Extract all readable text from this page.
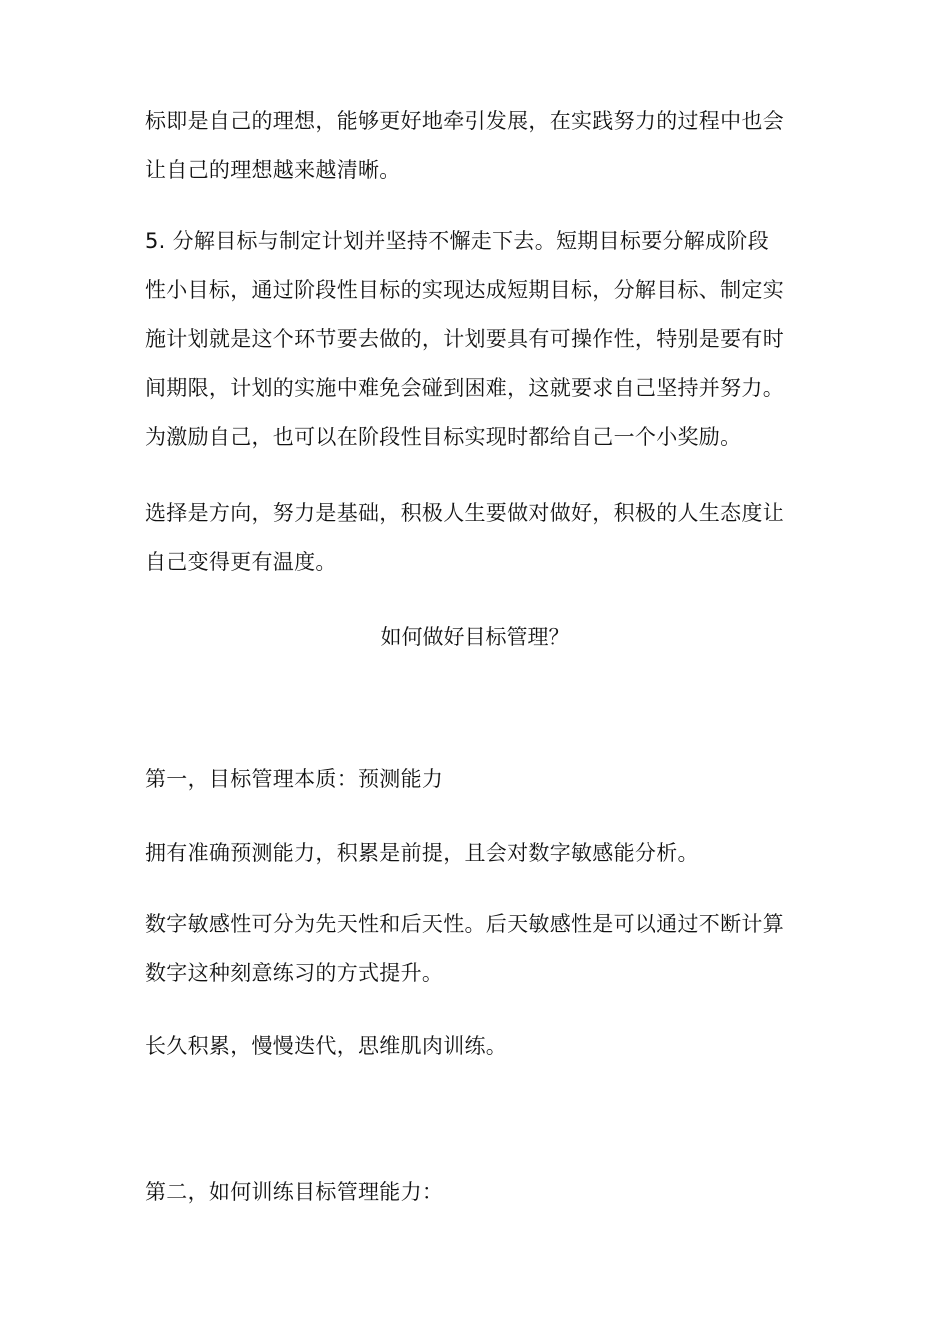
标即是自己的理想，能够更好地牵引发展，在实践努力的过程中也会
让自己的理想越来越清晰。

5. 分解目标与制定计划并坚持不懈走下去。短期目标要分解成阶段
性小目标，通过阶段性目标的实现达成短期目标，分解目标、制定实
施计划就是这个环节要去做的，计划要具有可操作性，特别是要有时
间期限，计划的实施中难免会碰到困难，这就要求自己坚持并努力。
为激励自己，也可以在阶段性目标实现时都给自己一个小奖励。

选择是方向，努力是基础，积极人生要做对做好，积极的人生态度让
自己变得更有温度。

如何做好目标管理？

第一，目标管理本质：预测能力

拥有准确预测能力，积累是前提，且会对数字敏感能分析。

数字敏感性可分为先天性和后天性。后天敏感性是可以通过不断计算
数字这种刻意练习的方式提升。

长久积累，慢慢迭代，思维肌肉训练。

第二，如何训练目标管理能力：
